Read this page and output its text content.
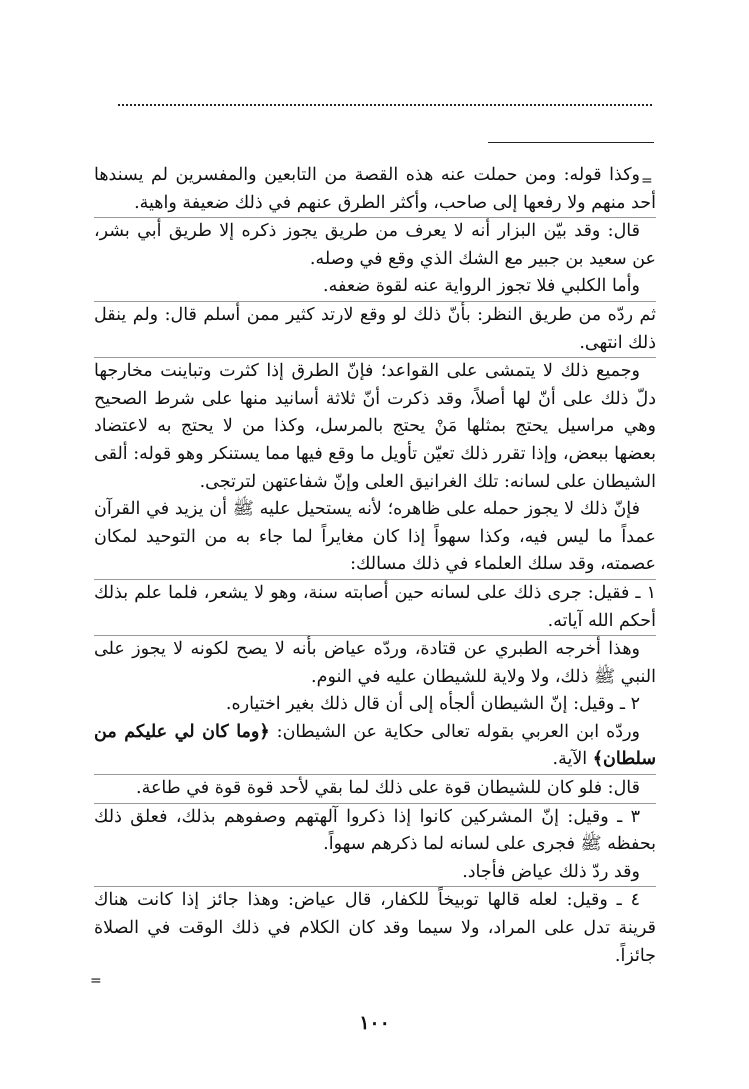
=

وكذا قوله: ومن حملت عنه هذه القصة من التابعين والمفسرين لم يسندها أحد منهم ولا رفعها إلى صاحب، وأكثر الطرق عنهم في ذلك ضعيفة واهية.

قال: وقد بيّن البزار أنه لا يعرف من طريق يجوز ذكره إلا طريق أبي بشر، عن سعيد بن جبير مع الشك الذي وقع في وصله.

وأما الكلبي فلا تجوز الرواية عنه لقوة ضعفه.

ثم ردّه من طريق النظر: بأنّ ذلك لو وقع لارتد كثير ممن أسلم قال: ولم ينقل ذلك انتهى.

وجميع ذلك لا يتمشى على القواعد؛ فإنّ الطرق إذا كثرت وتباينت مخارجها دلّ ذلك على أنّ لها أصلاً، وقد ذكرت أنّ ثلاثة أسانيد منها على شرط الصحيح وهي مراسيل يحتج بمثلها مَنْ يحتج بالمرسل، وكذا من لا يحتج به لاعتضاد بعضها ببعض، وإذا تقرر ذلك تعيّن تأويل ما وقع فيها مما يستنكر وهو قوله: ألقى الشيطان على لسانه: تلك الغرانيق العلى وإنّ شفاعتهن لترتجى.

فإنّ ذلك لا يجوز حمله على ظاهره؛ لأنه يستحيل عليه ﷺ أن يزيد في القرآن عمداً ما ليس فيه، وكذا سهواً إذا كان مغايراً لما جاء به من التوحيد لمكان عصمته، وقد سلك العلماء في ذلك مسالك:

١ ـ فقيل: جرى ذلك على لسانه حين أصابته سنة، وهو لا يشعر، فلما علم بذلك أحكم الله آياته.

وهذا أخرجه الطبري عن قتادة، وردّه عياض بأنه لا يصح لكونه لا يجوز على النبي ﷺ ذلك، ولا ولاية للشيطان عليه في النوم.

٢ ـ وقيل: إنّ الشيطان ألجأه إلى أن قال ذلك بغير اختياره.

وردّه ابن العربي بقوله تعالى حكاية عن الشيطان: ﴿وما كان لي عليكم من سلطان﴾ الآية.

قال: فلو كان للشيطان قوة على ذلك لما بقي لأحد قوة قوة في طاعة.

٣ ـ وقيل: إنّ المشركين كانوا إذا ذكروا آلهتهم وصفوهم بذلك، فعلق ذلك بحفظه ﷺ فجرى على لسانه لما ذكرهم سهواً.

وقد ردّ ذلك عياض فأجاد.

٤ ـ وقيل: لعله قالها توبيخاً للكفار، قال عياض: وهذا جائز إذا كانت هناك قرينة تدل على المراد، ولا سيما وقد كان الكلام في ذلك الوقت في الصلاة جائزاً.

=
١٠٠
